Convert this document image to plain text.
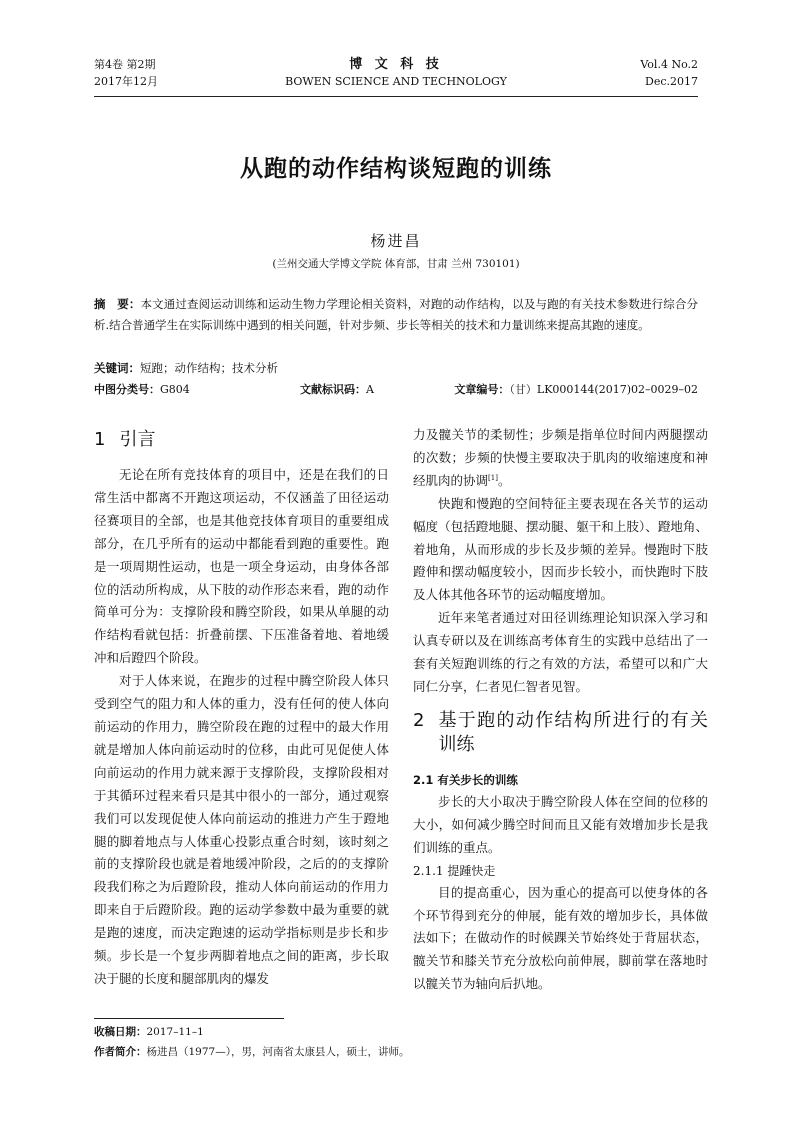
第4卷 第2期
2017年12月
博 文 科 技
BOWEN SCIENCE AND TECHNOLOGY
Vol.4 No.2
Dec.2017
从跑的动作结构谈短跑的训练
杨进昌
(兰州交通大学博文学院 体育部，甘肃 兰州 730101)
摘　要：本文通过查阅运动训练和运动生物力学理论相关资料，对跑的动作结构，以及与跑的有关技术参数进行综合分析.结合普通学生在实际训练中遇到的相关问题，针对步频、步长等相关的技术和力量训练来提高其跑的速度。
关键词：短跑；动作结构；技术分析
中图分类号：G804	文献标识码：A	文章编号：（甘）LK000144(2017)02–0029–02
1 引言

无论在所有竞技体育的项目中，还是在我们的日常生活中都离不开跑这项运动，不仅涵盖了田径运动径赛项目的全部，也是其他竞技体育项目的重要组成部分，在几乎所有的运动中都能看到跑的重要性。跑是一项周期性运动，也是一项全身运动，由身体各部位的活动所构成，从下肢的动作形态来看，跑的动作简单可分为：支撑阶段和腾空阶段，如果从单腿的动作结构看就包括：折叠前摆、下压准备着地、着地缓冲和后蹬四个阶段。

对于人体来说，在跑步的过程中腾空阶段人体只受到空气的阻力和人体的重力，没有任何的使人体向前运动的作用力，腾空阶段在跑的过程中的最大作用就是增加人体向前运动时的位移，由此可见促使人体向前运动的作用力就来源于支撑阶段，支撑阶段相对于其循环过程来看只是其中很小的一部分，通过观察我们可以发现促使人体向前运动的推进力产生于蹬地腿的脚着地点与人体重心投影点重合时刻，该时刻之前的支撑阶段也就是着地缓冲阶段，之后的的支撑阶段我们称之为后蹬阶段，推动人体向前运动的作用力即来自于后蹬阶段。跑的运动学参数中最为重要的就是跑的速度，而决定跑速的运动学指标则是步长和步频。步长是一个复步两脚着地点之间的距离，步长取决于腿的长度和腿部肌肉的爆发

力及髋关节的柔韧性；步频是指单位时间内两腿摆动的次数；步频的快慢主要取决于肌肉的收缩速度和神经肌肉的协调[1]。

快跑和慢跑的空间特征主要表现在各关节的运动幅度（包括蹬地腿、摆动腿、躯干和上肢）、蹬地角、着地角，从而形成的步长及步频的差异。慢跑时下肢蹬伸和摆动幅度较小，因而步长较小，而快跑时下肢及人体其他各环节的运动幅度增加。

近年来笔者通过对田径训练理论知识深入学习和认真专研以及在训练高考体育生的实践中总结出了一套有关短跑训练的行之有效的方法，希望可以和广大同仁分享，仁者见仁智者见智。

2 基于跑的动作结构所进行的有关训练
2.1 有关步长的训练

步长的大小取决于腾空阶段人体在空间的位移的大小，如何减少腾空时间而且又能有效增加步长是我们训练的重点。

2.1.1 提踵快走

目的提高重心，因为重心的提高可以使身体的各个环节得到充分的伸展，能有效的增加步长，具体做法如下；在做动作的时候踝关节始终处于背屈状态，髋关节和膝关节充分放松向前伸展，脚前掌在落地时以髋关节为轴向后扒地。

收稿日期：2017–11–1
作者简介：杨进昌（1977—），男，河南省太康县人，硕士，讲师。
